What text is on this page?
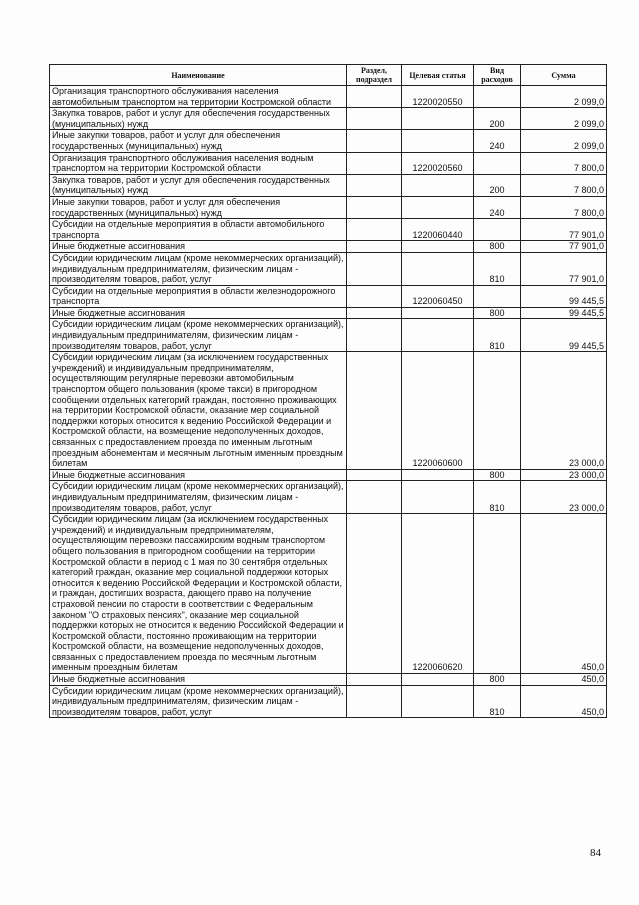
Наименование	Раздел, подраздел	Целевая статья	Вид расходов	Сумма
Организация транспортного обслуживания населения автомобильным транспортом на территории Костромской области		1220020550		2 099,0
Закупка товаров, работ и услуг для обеспечения государственных (муниципальных) нужд			200	2 099,0
Иные закупки товаров, работ и услуг для обеспечения государственных (муниципальных) нужд			240	2 099,0
Организация транспортного обслуживания населения водным транспортом на территории Костромской области		1220020560		7 800,0
Закупка товаров, работ и услуг для обеспечения государственных (муниципальных) нужд			200	7 800,0
Иные закупки товаров, работ и услуг для обеспечения государственных (муниципальных) нужд			240	7 800,0
Субсидии на отдельные мероприятия в области автомобильного транспорта		1220060440		77 901,0
Иные бюджетные ассигнования			800	77 901,0
Субсидии юридическим лицам (кроме некоммерческих организаций), индивидуальным предпринимателям, физическим лицам - производителям товаров, работ, услуг			810	77 901,0
Субсидии на отдельные мероприятия в области железнодорожного транспорта		1220060450		99 445,5
Иные бюджетные ассигнования			800	99 445,5
Субсидии юридическим лицам (кроме некоммерческих организаций), индивидуальным предпринимателям, физическим лицам - производителям товаров, работ, услуг			810	99 445,5
Субсидии юридическим лицам (за исключением государственных учреждений) и индивидуальным предпринимателям, осуществляющим регулярные перевозки автомобильным транспортом общего пользования (кроме такси) в пригородном сообщении отдельных категорий граждан, постоянно проживающих на территории Костромской области, оказание мер социальной поддержки которых относится к ведению Российской Федерации и Костромской области, на возмещение недополученных доходов, связанных с предоставлением проезда по именным льготным проездным абонементам и месячным льготным именным проездным билетам		1220060600		23 000,0
Иные бюджетные ассигнования			800	23 000,0
Субсидии юридическим лицам (кроме некоммерческих организаций), индивидуальным предпринимателям, физическим лицам - производителям товаров, работ, услуг			810	23 000,0
Субсидии юридическим лицам (за исключением государственных учреждений) и индивидуальным предпринимателям, осуществляющим перевозки пассажирским водным транспортом общего пользования в пригородном сообщении на территории Костромской области в период с 1 мая по 30 сентября отдельных категорий граждан, оказание мер социальной поддержки которых относится к ведению Российской Федерации и Костромской области, и граждан, достигших возраста, дающего право на получение страховой пенсии по старости в соответствии с Федеральным законом "О страховых пенсиях", оказание мер социальной поддержки которых не относится к ведению Российской Федерации и Костромской области, постоянно проживающим на территории Костромской области, на возмещение недополученных доходов, связанных с предоставлением проезда по месячным льготным именным проездным билетам		1220060620		450,0
Иные бюджетные ассигнования			800	450,0
Субсидии юридическим лицам (кроме некоммерческих организаций), индивидуальным предпринимателям, физическим лицам - производителям товаров, работ, услуг			810	450,0
84
